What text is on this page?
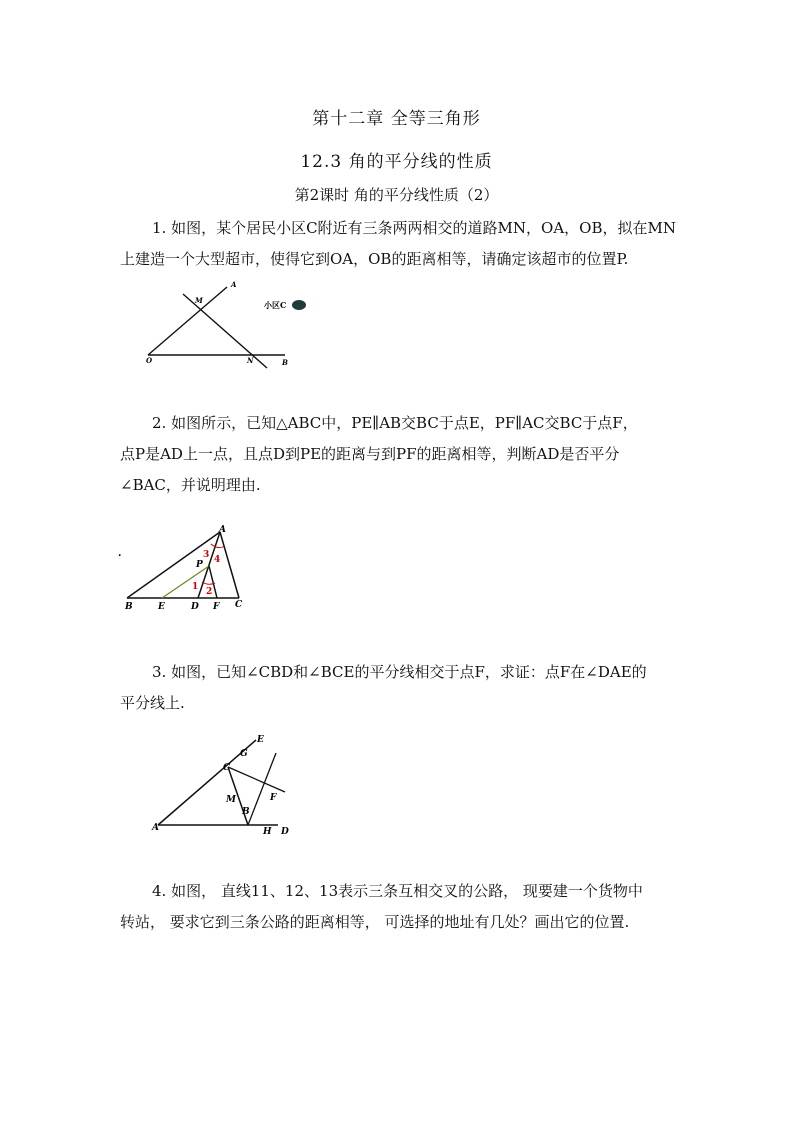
第十二章 全等三角形
12.3 角的平分线的性质
第2课时 角的平分线性质（2）
1. 如图，某个居民小区C附近有三条两两相交的道路MN，OA，OB，拟在MN
上建造一个大型超市，使得它到OA，OB的距离相等，请确定该超市的位置P.
A
M
O	N	B
小区C
2. 如图所示，已知△ABC中，PE∥AB交BC于点E，PF∥AC交BC于点F，
点P是AD上一点，且点D到PE的距离与到PF的距离相等，判断AD是否平分
∠BAC，并说明理由.
A
B	C
D
E	F
P
1 2
3 4
.
3. 如图，已知∠CBD和∠BCE的平分线相交于点F，求证：点F在∠DAE的
平分线上.
A
B
C
D
E
F
G
H
M
4. 如图， 直线11、12、13表示三条互相交叉的公路， 现要建一个货物中
转站， 要求它到三条公路的距离相等， 可选择的地址有几处？画出它的位置.
